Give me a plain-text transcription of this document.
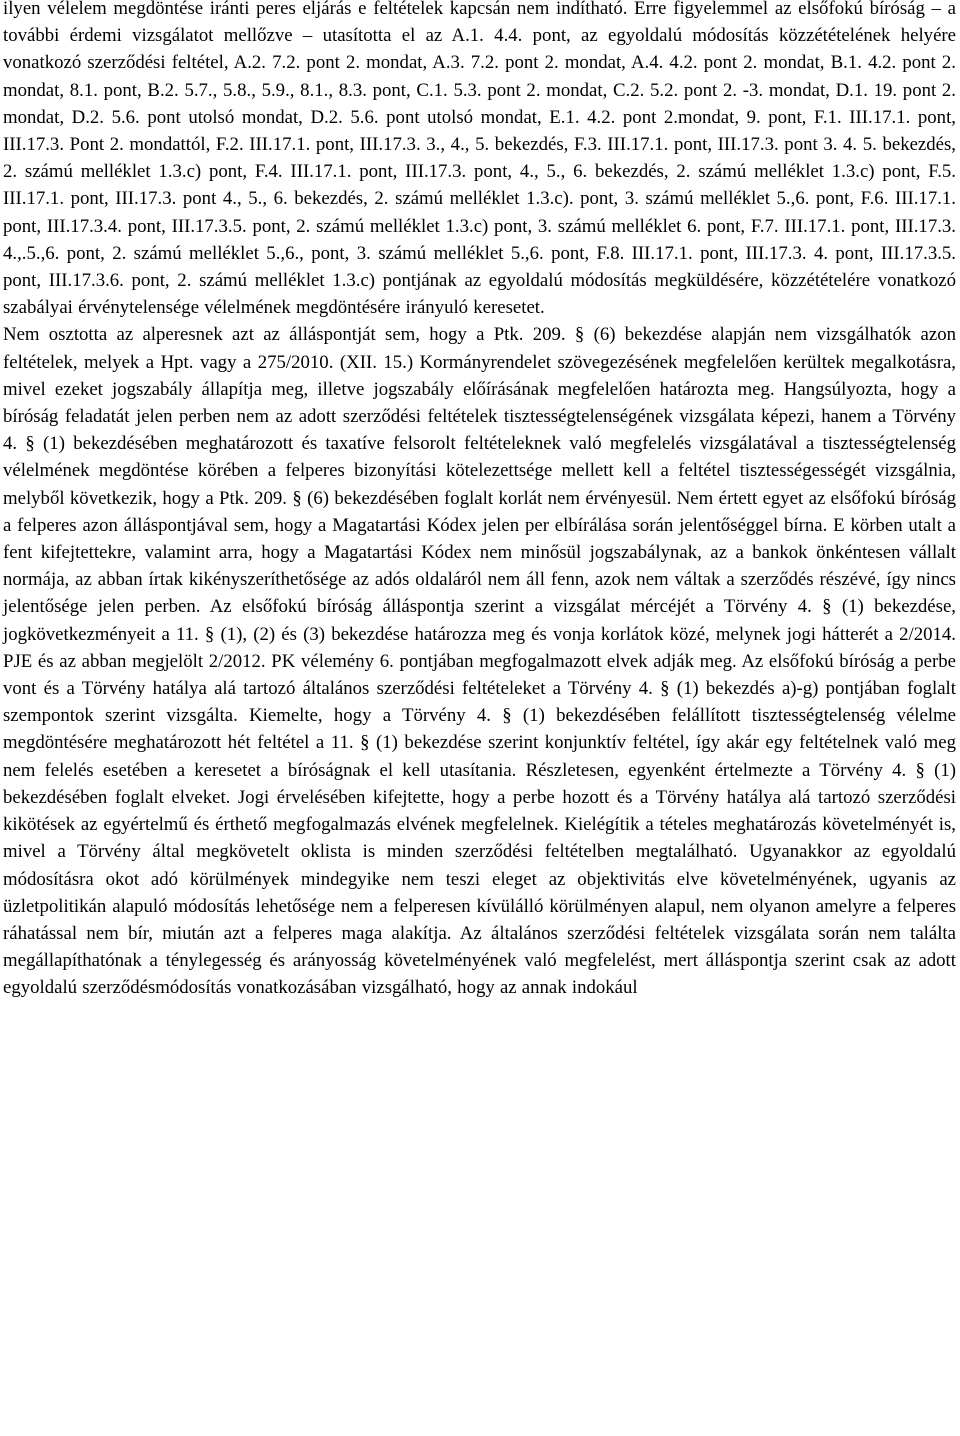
ilyen vélelem megdöntése iránti peres eljárás e feltételek kapcsán nem indítható. Erre figyelemmel az elsőfokú bíróság – a további érdemi vizsgálatot mellőzve – utasította el az A.1. 4.4. pont, az egyoldalú módosítás közzétételének helyére vonatkozó szerződési feltétel, A.2. 7.2. pont 2. mondat, A.3. 7.2. pont 2. mondat, A.4. 4.2. pont 2. mondat, B.1. 4.2. pont 2. mondat, 8.1. pont, B.2. 5.7., 5.8., 5.9., 8.1., 8.3. pont, C.1. 5.3. pont 2. mondat, C.2. 5.2. pont 2. -3. mondat, D.1. 19. pont 2. mondat, D.2. 5.6. pont utolsó mondat, D.2. 5.6. pont utolsó mondat, E.1. 4.2. pont 2.mondat, 9. pont, F.1. III.17.1. pont, III.17.3. Pont 2. mondattól, F.2. III.17.1. pont, III.17.3. 3., 4., 5. bekezdés, F.3. III.17.1. pont, III.17.3. pont 3. 4. 5. bekezdés, 2. számú melléklet 1.3.c) pont, F.4. III.17.1. pont, III.17.3. pont, 4., 5., 6. bekezdés, 2. számú melléklet 1.3.c) pont, F.5. III.17.1. pont, III.17.3. pont 4., 5., 6. bekezdés, 2. számú melléklet 1.3.c). pont, 3. számú melléklet 5.,6. pont, F.6. III.17.1. pont, III.17.3.4. pont, III.17.3.5. pont, 2. számú melléklet 1.3.c) pont, 3. számú melléklet 6. pont, F.7. III.17.1. pont, III.17.3. 4.,.5.,6. pont, 2. számú melléklet 5.,6., pont, 3. számú melléklet 5.,6. pont, F.8. III.17.1. pont, III.17.3. 4. pont, III.17.3.5. pont, III.17.3.6. pont, 2. számú melléklet 1.3.c) pontjának az egyoldalú módosítás megküldésére, közzétételére vonatkozó szabályai érvénytelensége vélelmének megdöntésére irányuló keresetet.

Nem osztotta az alperesnek azt az álláspontját sem, hogy a Ptk. 209. § (6) bekezdése alapján nem vizsgálhatók azon feltételek, melyek a Hpt. vagy a 275/2010. (XII. 15.) Kormányrendelet szövegezésének megfelelően kerültek megalkotásra, mivel ezeket jogszabály állapítja meg, illetve jogszabály előírásának megfelelően határozta meg. Hangsúlyozta, hogy a bíróság feladatát jelen perben nem az adott szerződési feltételek tisztességtelenségének vizsgálata képezi, hanem a Törvény 4. § (1) bekezdésében meghatározott és taxatíve felsorolt feltételeknek való megfelelés vizsgálatával a tisztességtelenség vélelmének megdöntése körében a felperes bizonyítási kötelezettsége mellett kell a feltétel tisztességességét vizsgálnia, melyből következik, hogy a Ptk. 209. § (6) bekezdésében foglalt korlát nem érvényesül. Nem értett egyet az elsőfokú bíróság a felperes azon álláspontjával sem, hogy a Magatartási Kódex jelen per elbírálása során jelentőséggel bírna. E körben utalt a fent kifejtettekre, valamint arra, hogy a Magatartási Kódex nem minősül jogszabálynak, az a bankok önkéntesen vállalt normája, az abban írtak kikényszeríthetősége az adós oldaláról nem áll fenn, azok nem váltak a szerződés részévé, így nincs jelentősége jelen perben. Az elsőfokú bíróság álláspontja szerint a vizsgálat mércéjét a Törvény 4. § (1) bekezdése, jogkövetkezményeit a 11. § (1), (2) és (3) bekezdése határozza meg és vonja korlátok közé, melynek jogi hátterét a 2/2014. PJE és az abban megjelölt 2/2012. PK vélemény 6. pontjában megfogalmazott elvek adják meg. Az elsőfokú bíróság a perbe vont és a Törvény hatálya alá tartozó általános szerződési feltételeket a Törvény 4. § (1) bekezdés a)-g) pontjában foglalt szempontok szerint vizsgálta. Kiemelte, hogy a Törvény 4. § (1) bekezdésében felállított tisztességtelenség vélelme megdöntésére meghatározott hét feltétel a 11. § (1) bekezdése szerint konjunktív feltétel, így akár egy feltételnek való meg nem felelés esetében a keresetet a bíróságnak el kell utasítania. Részletesen, egyenként értelmezte a Törvény 4. § (1) bekezdésében foglalt elveket. Jogi érvelésében kifejtette, hogy a perbe hozott és a Törvény hatálya alá tartozó szerződési kikötések az egyértelmű és érthető megfogalmazás elvének megfelelnek. Kielégítik a tételes meghatározás követelményét is, mivel a Törvény által megkövetelt oklista is minden szerződési feltételben megtalálható. Ugyanakkor az egyoldalú módosításra okot adó körülmények mindegyike nem teszi eleget az objektivitás elve követelményének, ugyanis az üzletpolitikán alapuló módosítás lehetősége nem a felperesen kívülálló körülményen alapul, nem olyanon amelyre a felperes ráhatással nem bír, miután azt a felperes maga alakítja. Az általános szerződési feltételek vizsgálata során nem találta megállapíthatónak a ténylegesség és arányosság követelményének való megfelelést, mert álláspontja szerint csak az adott egyoldalú szerződésmódosítás vonatkozásában vizsgálható, hogy az annak indokául
